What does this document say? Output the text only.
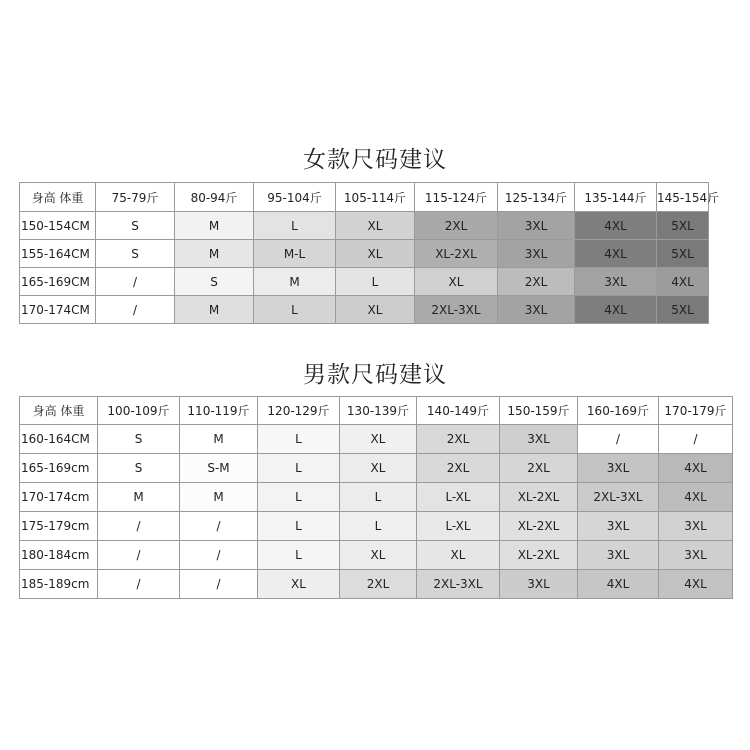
女款尺码建议
身高 体重	75-79斤	80-94斤	95-104斤	105-114斤	115-124斤	125-134斤	135-144斤	145-154斤
150-154CM	S	M	L	XL	2XL	3XL	4XL	5XL
155-164CM	S	M	M-L	XL	XL-2XL	3XL	4XL	5XL
165-169CM	/	S	M	L	XL	2XL	3XL	4XL
170-174CM	/	M	L	XL	2XL-3XL	3XL	4XL	5XL
男款尺码建议
身高 体重	100-109斤	110-119斤	120-129斤	130-139斤	140-149斤	150-159斤	160-169斤	170-179斤
160-164CM	S	M	L	XL	2XL	3XL	/	/
165-169cm	S	S-M	L	XL	2XL	2XL	3XL	4XL
170-174cm	M	M	L	L	L-XL	XL-2XL	2XL-3XL	4XL
175-179cm	/	/	L	L	L-XL	XL-2XL	3XL	3XL
180-184cm	/	/	L	XL	XL	XL-2XL	3XL	3XL
185-189cm	/	/	XL	2XL	2XL-3XL	3XL	4XL	4XL
